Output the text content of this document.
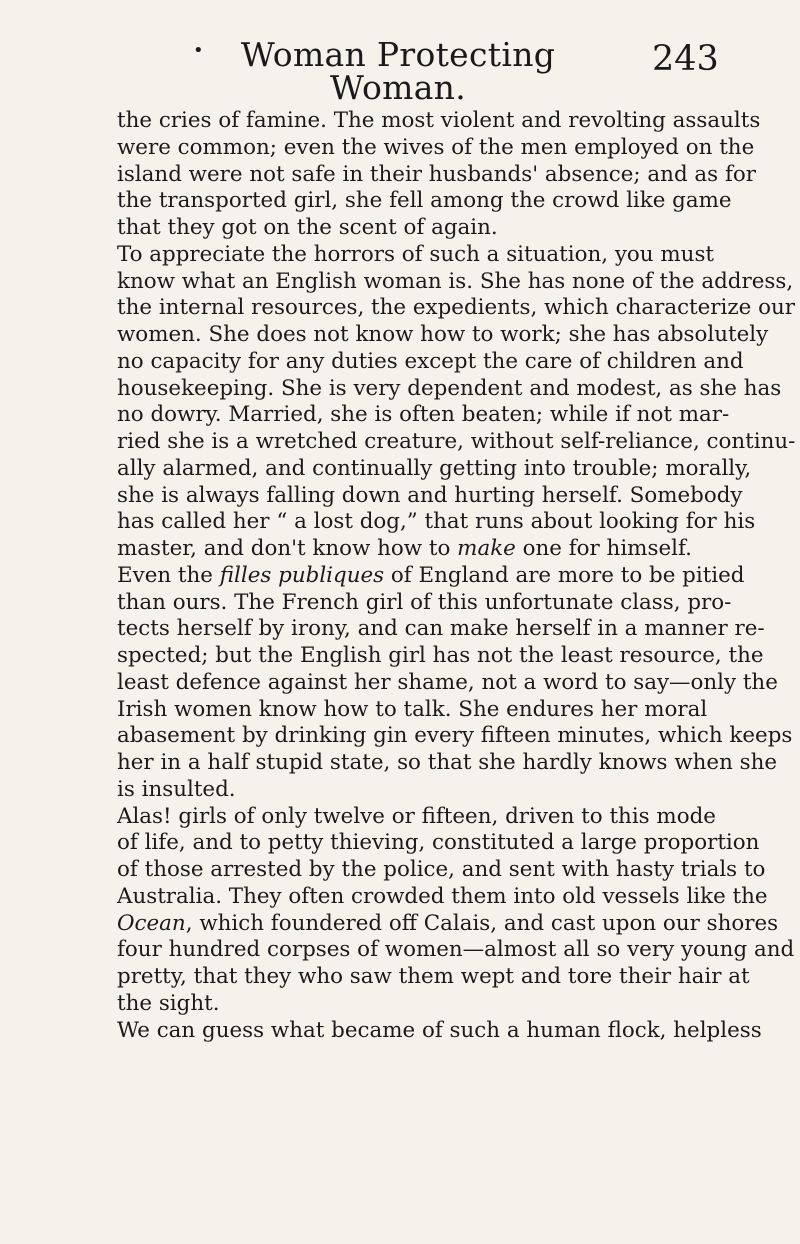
•	Woman Protecting Woman.
243
the cries of famine. The most violent and revolting assaults
were common; even the wives of the men employed on the
island were not safe in their husbands' absence; and as for
the transported girl, she fell among the crowd like game
that they got on the scent of again.
To appreciate the horrors of such a situation, you must
know what an English woman is. She has none of the address,
the internal resources, the expedients, which characterize our
women. She does not know how to work; she has absolutely
no capacity for any duties except the care of children and
housekeeping. She is very dependent and modest, as she has
no dowry. Married, she is often beaten; while if not mar-
ried she is a wretched creature, without self-reliance, continu-
ally alarmed, and continually getting into trouble; morally,
she is always falling down and hurting herself. Somebody
has called her “ a lost dog,” that runs about looking for his
master, and don't know how to make one for himself.
Even the filles publiques of England are more to be pitied
than ours. The French girl of this unfortunate class, pro-
tects herself by irony, and can make herself in a manner re-
spected; but the English girl has not the least resource, the
least defence against her shame, not a word to say—only the
Irish women know how to talk. She endures her moral
abasement by drinking gin every fifteen minutes, which keeps
her in a half stupid state, so that she hardly knows when she
is insulted.
Alas! girls of only twelve or fifteen, driven to this mode
of life, and to petty thieving, constituted a large proportion
of those arrested by the police, and sent with hasty trials to
Australia. They often crowded them into old vessels like the
Ocean, which foundered off Calais, and cast upon our shores
four hundred corpses of women—almost all so very young and
pretty, that they who saw them wept and tore their hair at
the sight.
We can guess what became of such a human flock, helpless
